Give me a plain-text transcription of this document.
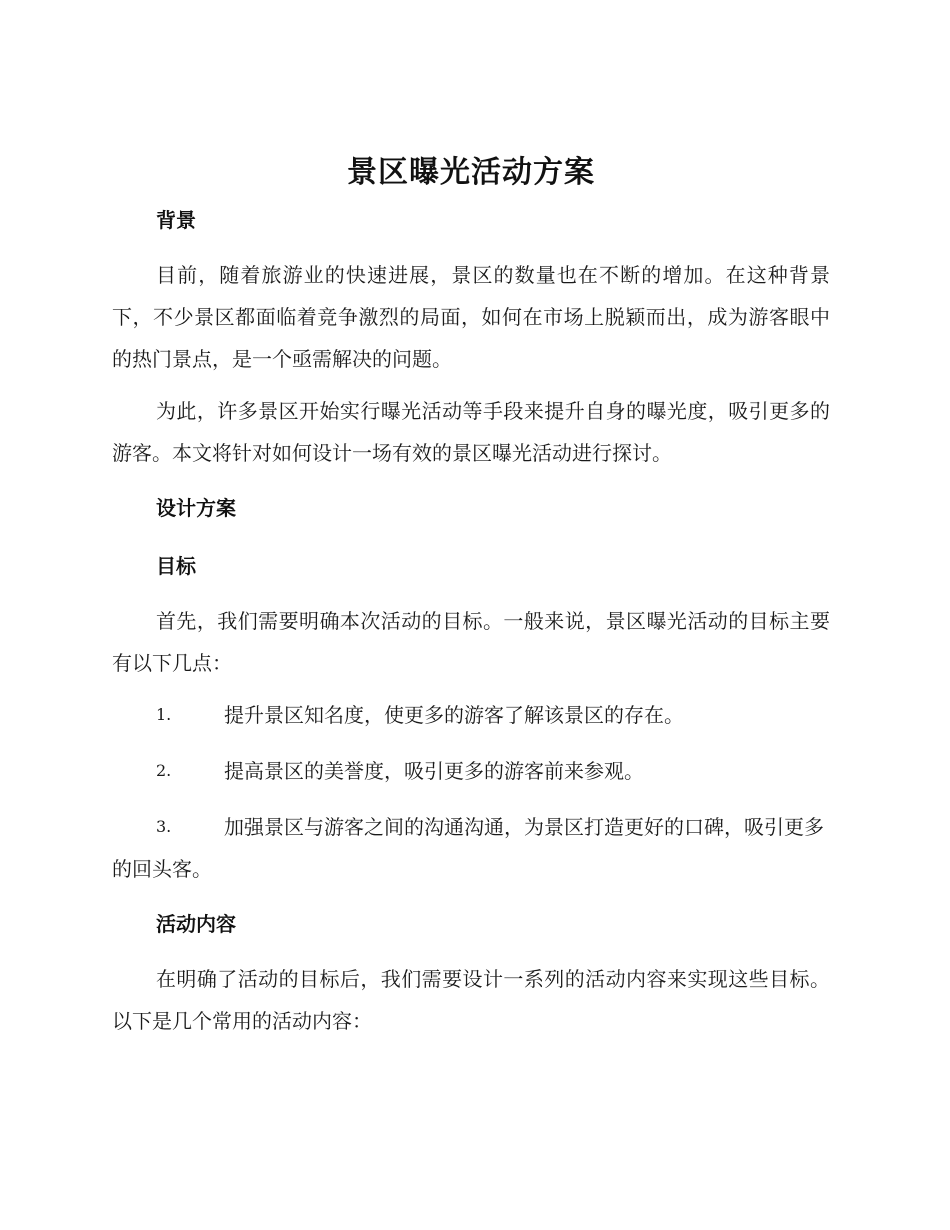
景区曝光活动方案
背景

目前，随着旅游业的快速进展，景区的数量也在不断的增加。在这种背景下，不少景区都面临着竞争激烈的局面，如何在市场上脱颖而出，成为游客眼中的热门景点，是一个亟需解决的问题。

为此，许多景区开始实行曝光活动等手段来提升自身的曝光度，吸引更多的游客。本文将针对如何设计一场有效的景区曝光活动进行探讨。

设计方案
目标

首先，我们需要明确本次活动的目标。一般来说，景区曝光活动的目标主要有以下几点：

1.	提升景区知名度，使更多的游客了解该景区的存在。
2.	提高景区的美誉度，吸引更多的游客前来参观。
3.	加强景区与游客之间的沟通沟通，为景区打造更好的口碑，吸引更多的回头客。
活动内容

在明确了活动的目标后，我们需要设计一系列的活动内容来实现这些目标。以下是几个常用的活动内容：
